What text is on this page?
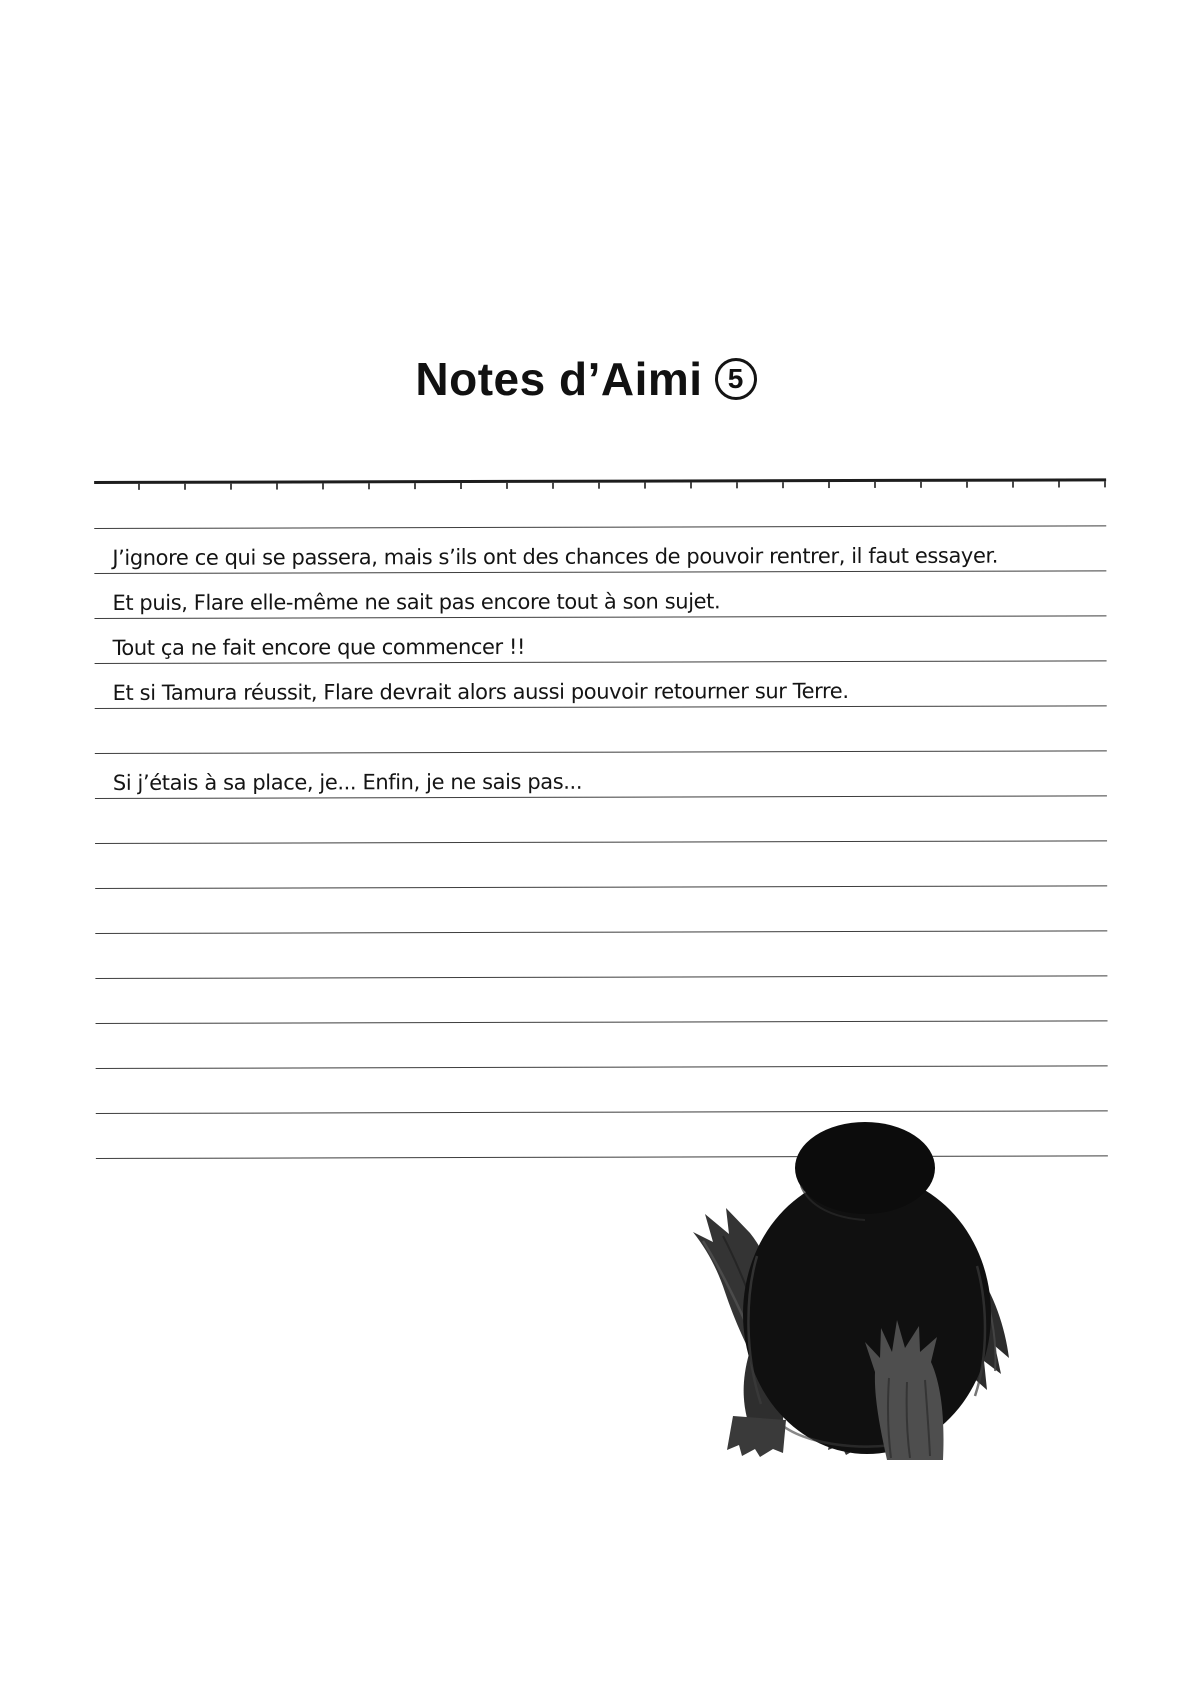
Notes d’Aimi 5
J’ignore ce qui se passera, mais s’ils ont des chances de pouvoir rentrer, il faut essayer.
Et puis, Flare elle-même ne sait pas encore tout à son sujet.
Tout ça ne fait encore que commencer !!
Et si Tamura réussit, Flare devrait alors aussi pouvoir retourner sur Terre.
Si j’étais à sa place, je... Enfin, je ne sais pas...
